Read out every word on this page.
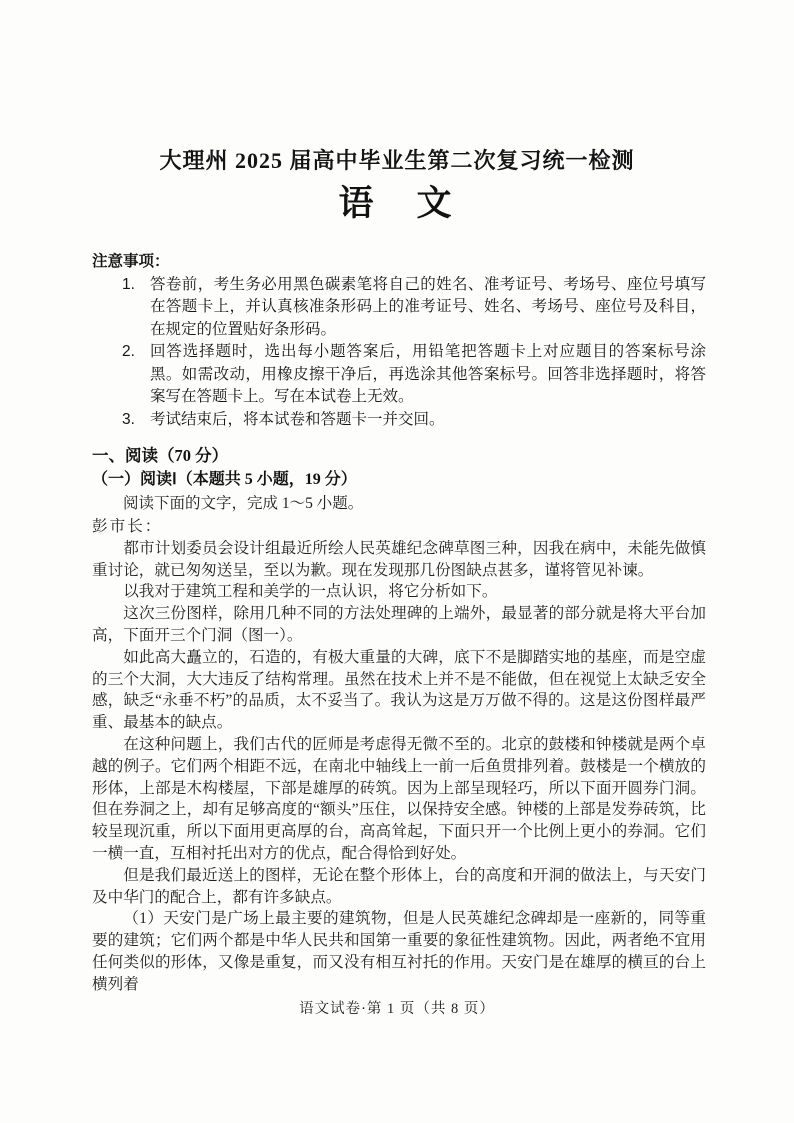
大理州 2025 届高中毕业生第二次复习统一检测
语　文
注意事项：
1. 答卷前，考生务必用黑色碳素笔将自己的姓名、准考证号、考场号、座位号填写在答题卡上，并认真核准条形码上的准考证号、姓名、考场号、座位号及科目，在规定的位置贴好条形码。
2. 回答选择题时，选出每小题答案后，用铅笔把答题卡上对应题目的答案标号涂黑。如需改动，用橡皮擦干净后，再选涂其他答案标号。回答非选择题时，将答案写在答题卡上。写在本试卷上无效。
3. 考试结束后，将本试卷和答题卡一并交回。
一、阅读（70 分）
（一）阅读Ⅰ（本题共 5 小题，19 分）
阅读下面的文字，完成 1～5 小题。
彭市长：

都市计划委员会设计组最近所绘人民英雄纪念碑草图三种，因我在病中，未能先做慎重讨论，就已匆匆送呈，至以为歉。现在发现那几份图缺点甚多，谨将管见补谏。

以我对于建筑工程和美学的一点认识，将它分析如下。

这次三份图样，除用几种不同的方法处理碑的上端外，最显著的部分就是将大平台加高，下面开三个门洞（图一）。

如此高大矗立的，石造的，有极大重量的大碑，底下不是脚踏实地的基座，而是空虚的三个大洞，大大违反了结构常理。虽然在技术上并不是不能做，但在视觉上太缺乏安全感，缺乏“永垂不朽”的品质，太不妥当了。我认为这是万万做不得的。这是这份图样最严重、最基本的缺点。

在这种问题上，我们古代的匠师是考虑得无微不至的。北京的鼓楼和钟楼就是两个卓越的例子。它们两个相距不远，在南北中轴线上一前一后鱼贯排列着。鼓楼是一个横放的形体，上部是木构楼屋，下部是雄厚的砖筑。因为上部呈现轻巧，所以下面开圆券门洞。但在券洞之上，却有足够高度的“额头”压住，以保持安全感。钟楼的上部是发券砖筑，比较呈现沉重，所以下面用更高厚的台，高高耸起，下面只开一个比例上更小的券洞。它们一横一直，互相衬托出对方的优点，配合得恰到好处。

但是我们最近送上的图样，无论在整个形体上，台的高度和开洞的做法上，与天安门及中华门的配合上，都有许多缺点。

（1）天安门是广场上最主要的建筑物，但是人民英雄纪念碑却是一座新的，同等重要的建筑；它们两个都是中华人民共和国第一重要的象征性建筑物。因此，两者绝不宜用任何类似的形体，又像是重复，而又没有相互衬托的作用。天安门是在雄厚的横亘的台上横列着

语文试卷·第 1 页（共 8 页）
